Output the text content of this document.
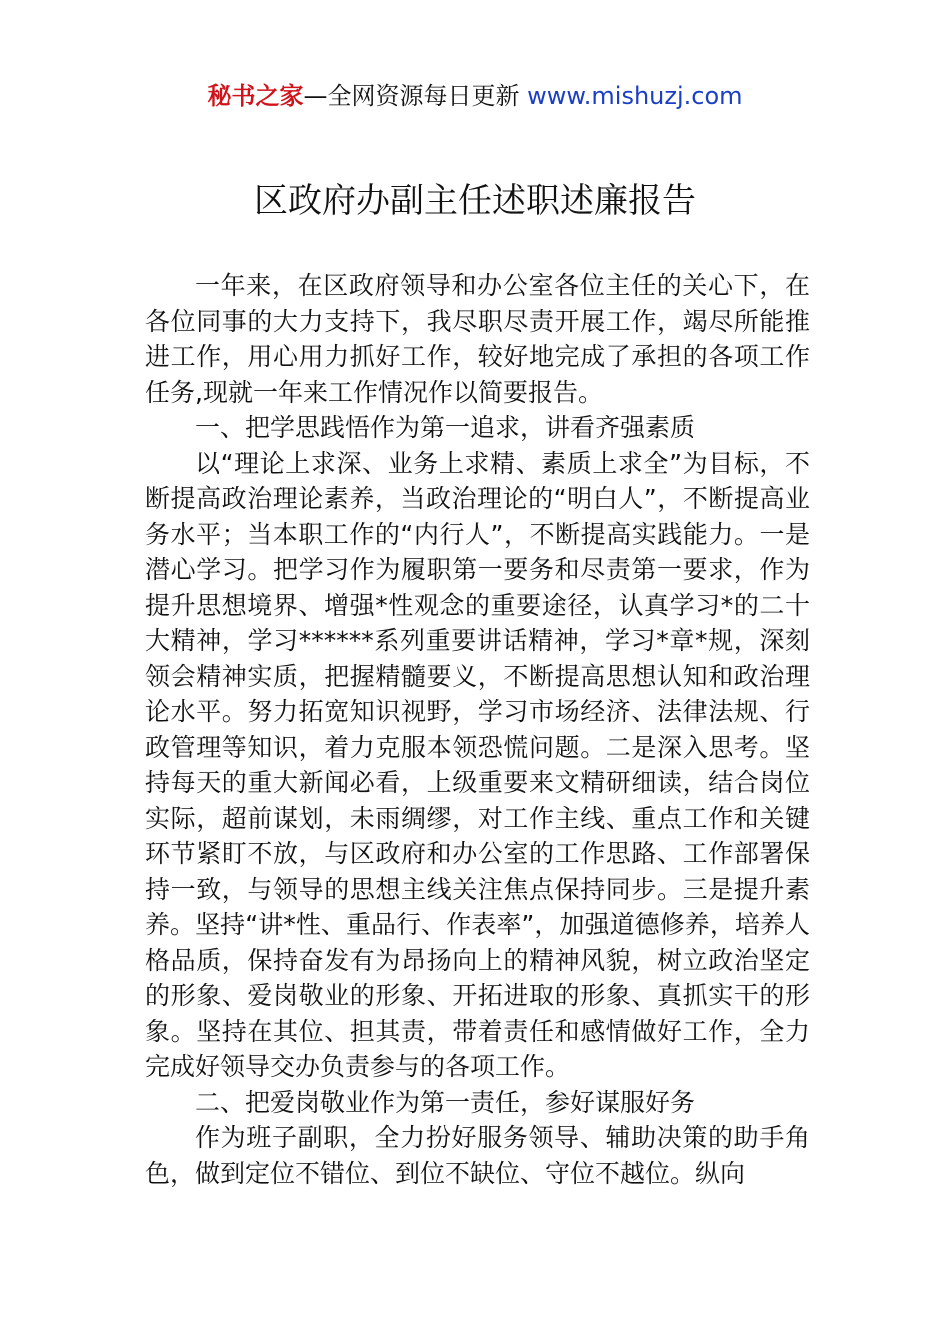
秘书之家—全网资源每日更新 www.mishuzj.com
区政府办副主任述职述廉报告

一年来，在区政府领导和办公室各位主任的关心下，在各位同事的大力支持下，我尽职尽责开展工作，竭尽所能推进工作，用心用力抓好工作，较好地完成了承担的各项工作任务,现就一年来工作情况作以简要报告。

一、把学思践悟作为第一追求，讲看齐强素质

以“理论上求深、业务上求精、素质上求全”为目标，不断提高政治理论素养，当政治理论的“明白人”，不断提高业务水平；当本职工作的“内行人”，不断提高实践能力。一是潜心学习。把学习作为履职第一要务和尽责第一要求，作为提升思想境界、增强*性观念的重要途径，认真学习*的二十大精神，学习******系列重要讲话精神，学习*章*规，深刻领会精神实质，把握精髓要义，不断提高思想认知和政治理论水平。努力拓宽知识视野，学习市场经济、法律法规、行政管理等知识，着力克服本领恐慌问题。二是深入思考。坚持每天的重大新闻必看，上级重要来文精研细读，结合岗位实际，超前谋划，未雨绸缪，对工作主线、重点工作和关键环节紧盯不放，与区政府和办公室的工作思路、工作部署保持一致，与领导的思想主线关注焦点保持同步。三是提升素养。坚持“讲*性、重品行、作表率”，加强道德修养，培养人格品质，保持奋发有为昂扬向上的精神风貌，树立政治坚定的形象、爱岗敬业的形象、开拓进取的形象、真抓实干的形象。坚持在其位、担其责，带着责任和感情做好工作，全力完成好领导交办负责参与的各项工作。

二、把爱岗敬业作为第一责任，参好谋服好务

作为班子副职，全力扮好服务领导、辅助决策的助手角色，做到定位不错位、到位不缺位、守位不越位。纵向
